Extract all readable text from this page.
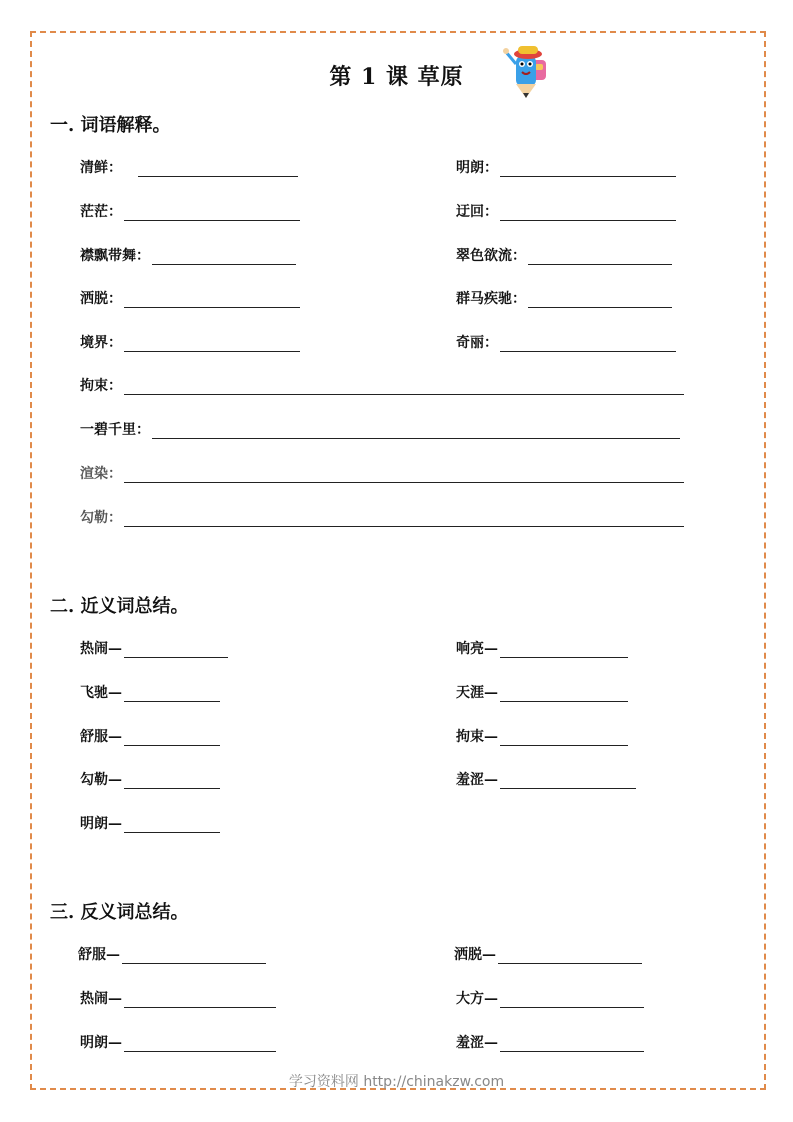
第 1 课 草原
一. 词语解释。
清鲜：	明朗：
茫茫：	迂回：
襟飘带舞：	翠色欲流：
洒脱：	群马疾驰：
境界：	奇丽：
拘束：
一碧千里：
渲染：
勾勒：
二. 近义词总结。
热闹—	响亮—
飞驰—	天涯—
舒服—	拘束—
勾勒—	羞涩—
明朗—
三. 反义词总结。
舒服—	洒脱—
热闹—	大方—
明朗—	羞涩—
学习资料网 http://chinakzw.com
